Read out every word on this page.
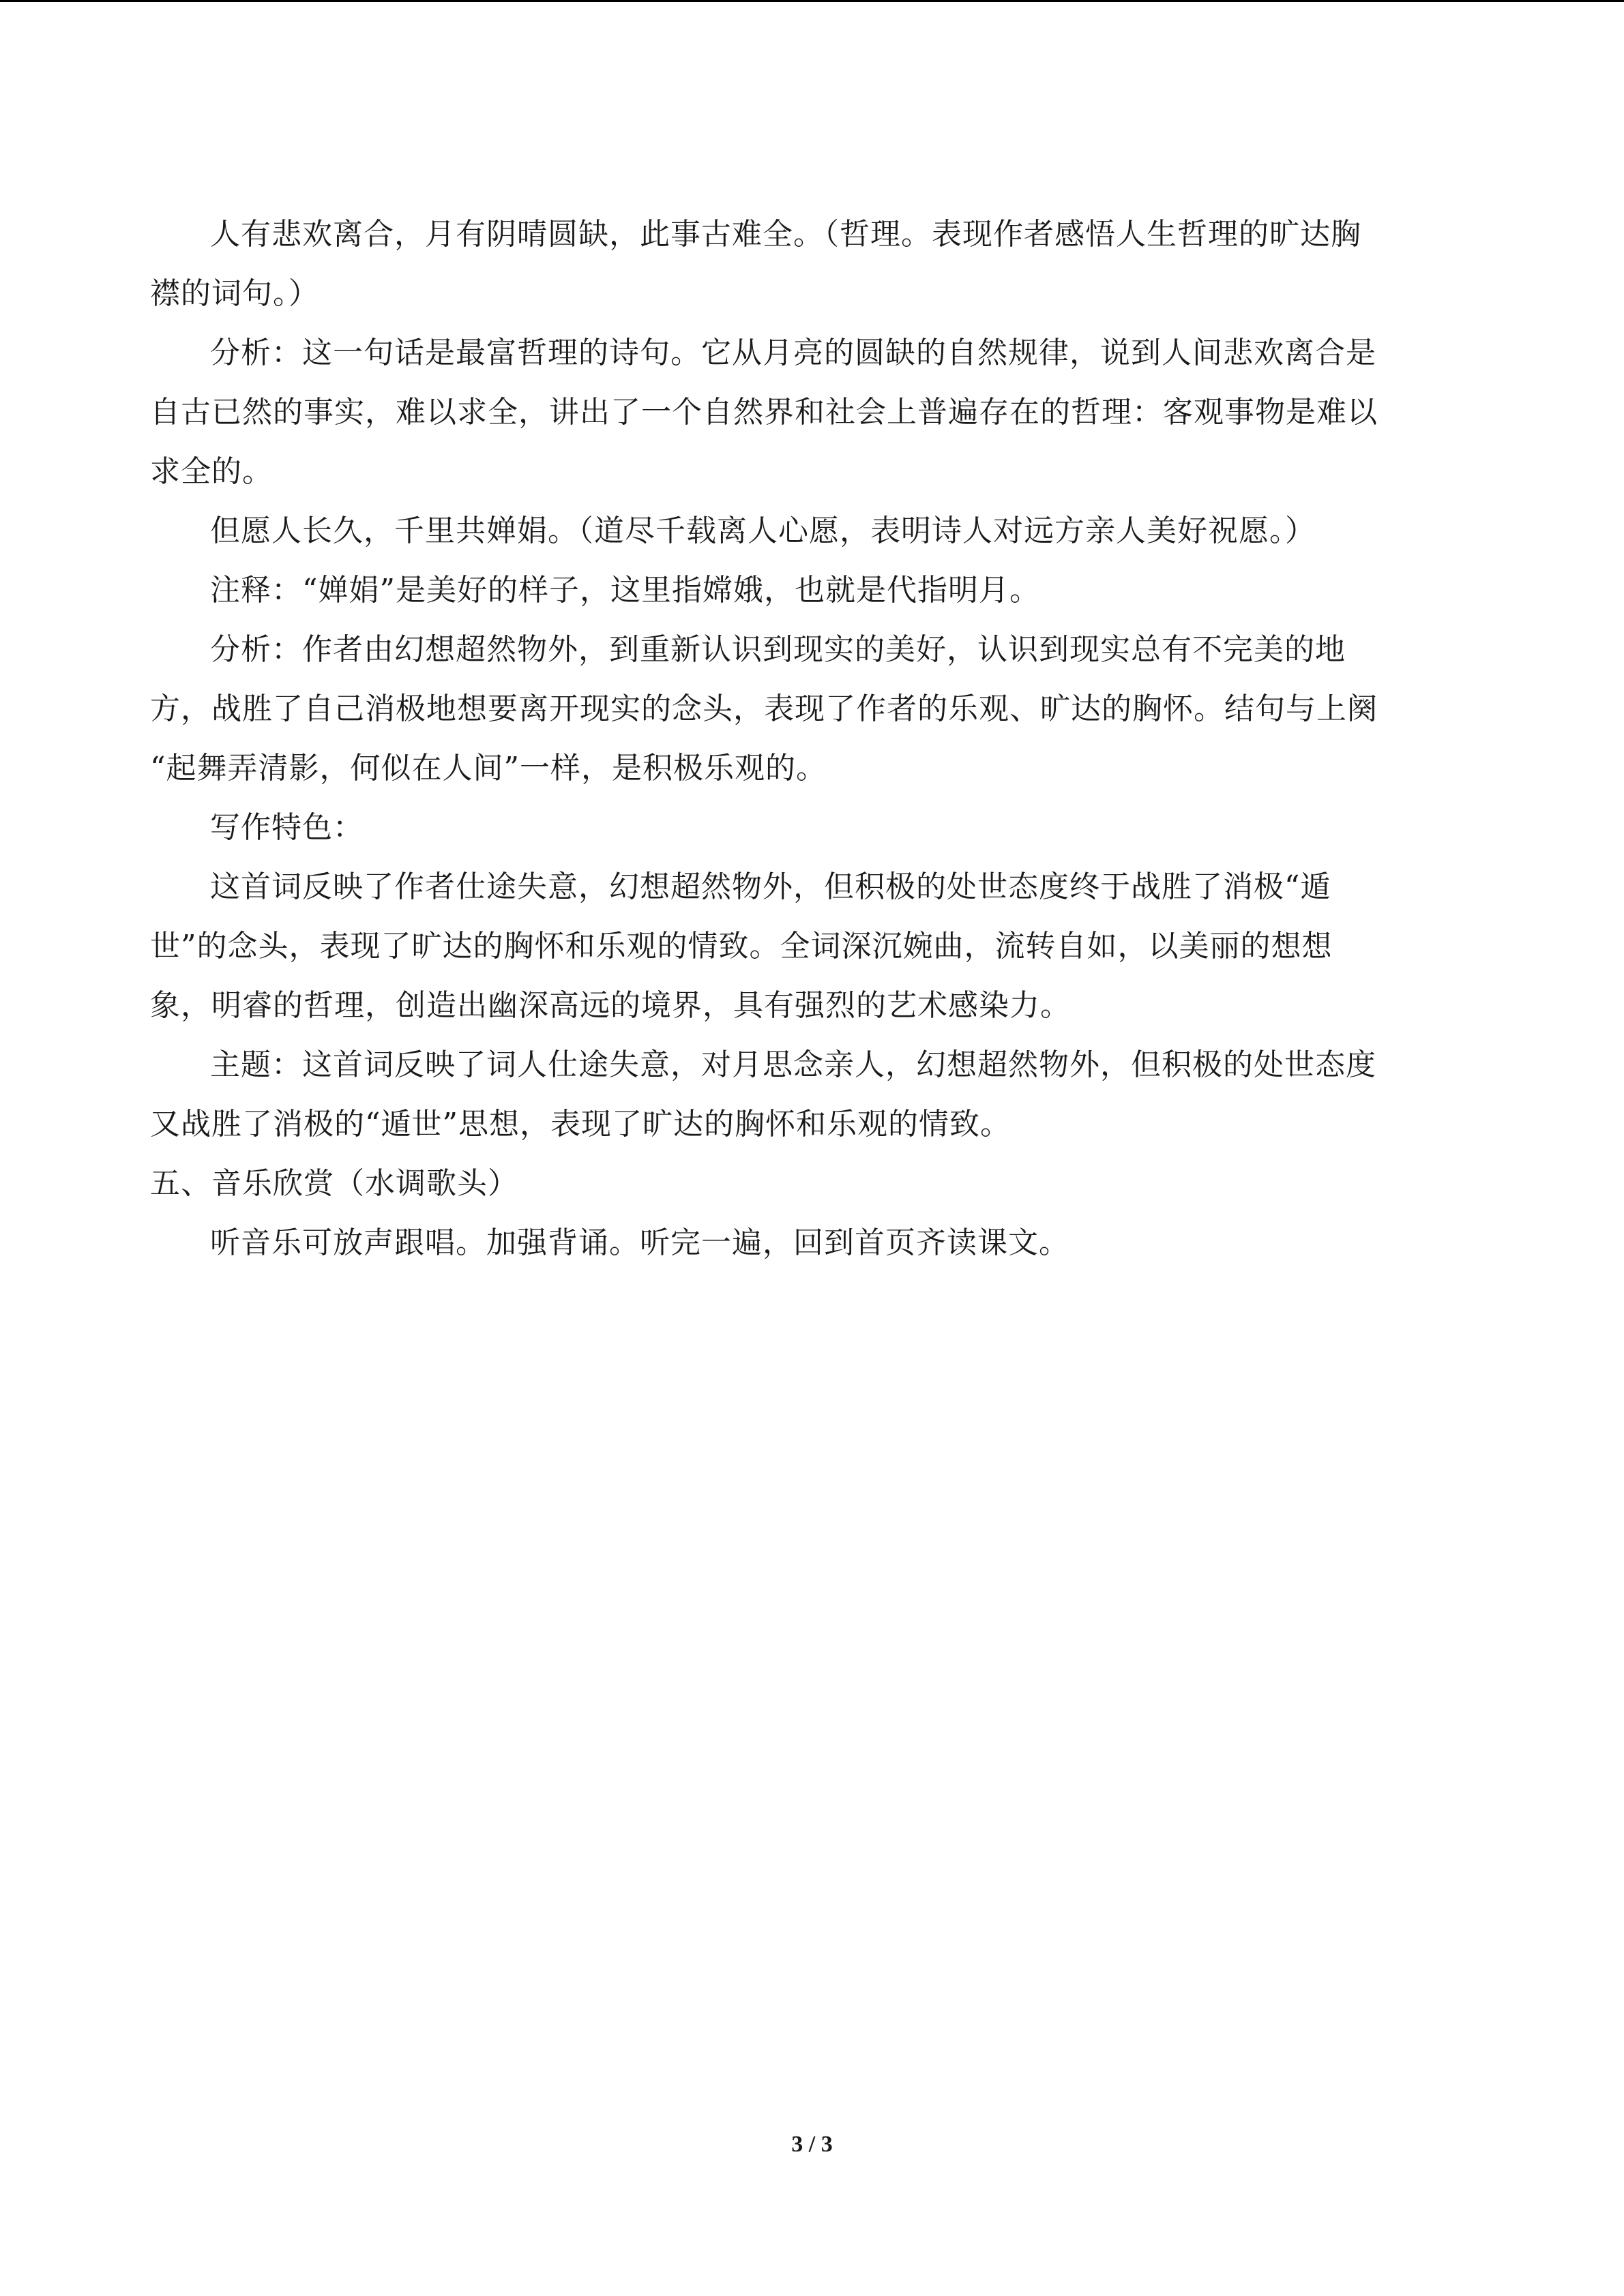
人有悲欢离合，月有阴晴圆缺，此事古难全。（哲理。表现作者感悟人生哲理的旷达胸

襟的词句。）

分析：这一句话是最富哲理的诗句。它从月亮的圆缺的自然规律，说到人间悲欢离合是

自古已然的事实，难以求全，讲出了一个自然界和社会上普遍存在的哲理：客观事物是难以

求全的。

但愿人长久，千里共婵娟。（道尽千载离人心愿，表明诗人对远方亲人美好祝愿。）

注释：“婵娟”是美好的样子，这里指嫦娥，也就是代指明月。

分析：作者由幻想超然物外，到重新认识到现实的美好，认识到现实总有不完美的地

方，战胜了自己消极地想要离开现实的念头，表现了作者的乐观、旷达的胸怀。结句与上阕

“起舞弄清影，何似在人间”一样，是积极乐观的。

写作特色：

这首词反映了作者仕途失意，幻想超然物外，但积极的处世态度终于战胜了消极“遁

世”的念头，表现了旷达的胸怀和乐观的情致。全词深沉婉曲，流转自如，以美丽的想想

象，明睿的哲理，创造出幽深高远的境界，具有强烈的艺术感染力。

主题：这首词反映了词人仕途失意，对月思念亲人，幻想超然物外，但积极的处世态度

又战胜了消极的“遁世”思想，表现了旷达的胸怀和乐观的情致。

五、音乐欣赏（水调歌头）

听音乐可放声跟唱。加强背诵。听完一遍，回到首页齐读课文。

3 / 3
